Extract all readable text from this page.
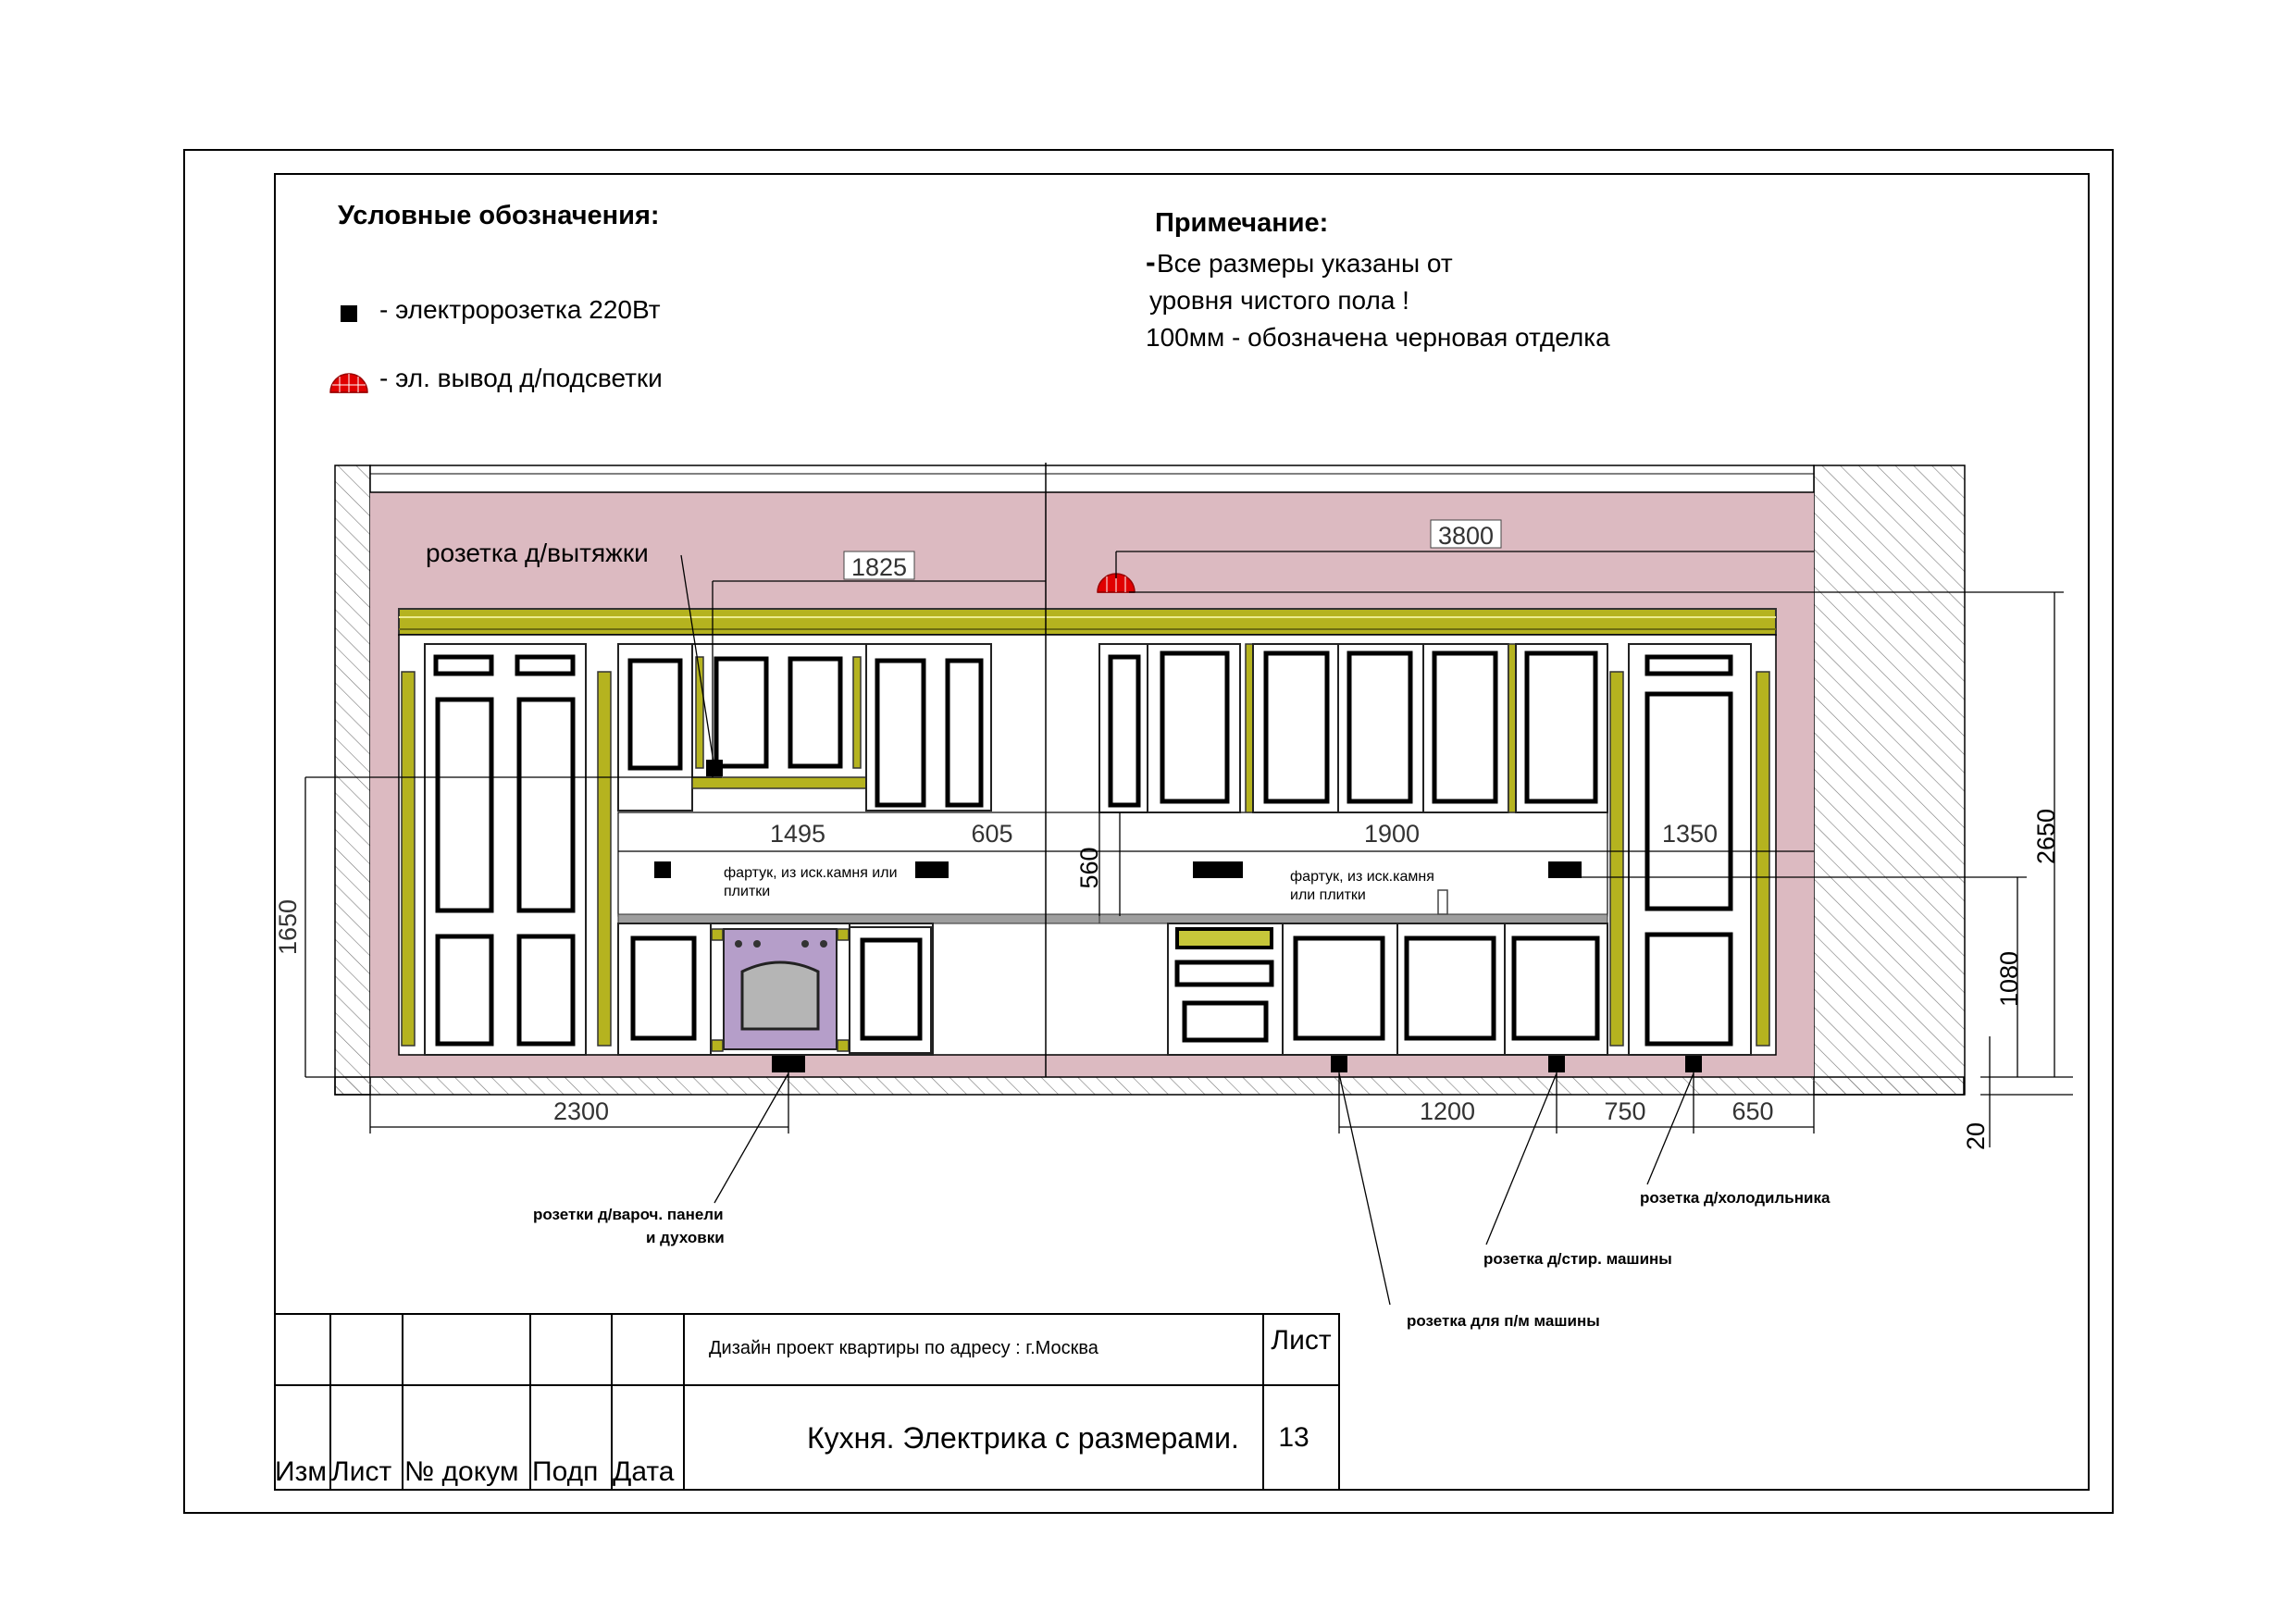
Условные обозначения:
- электророзетка 220Вт
- эл. вывод д/подсветки
Примечание:
- Все размеры указаны от
уровня чистого пола !
100мм - обозначена черновая отделка
1825
3800
1495	605	1900	1350
560
1650
2650
1080
20
2300	1200	750	650
розетка д/вытяжки
фартук, из иск.камня или
плитки
фартук, из иск.камня
или плитки
розетки д/вароч. панели
и духовки
розетка д/холодильника
розетка д/стир. машины
розетка для п/м машины
Дизайн проект квартиры по адресу : г.Москва	Лист
Кухня. Электрика с размерами. 13
Изм Лист № докум Подп Дата
